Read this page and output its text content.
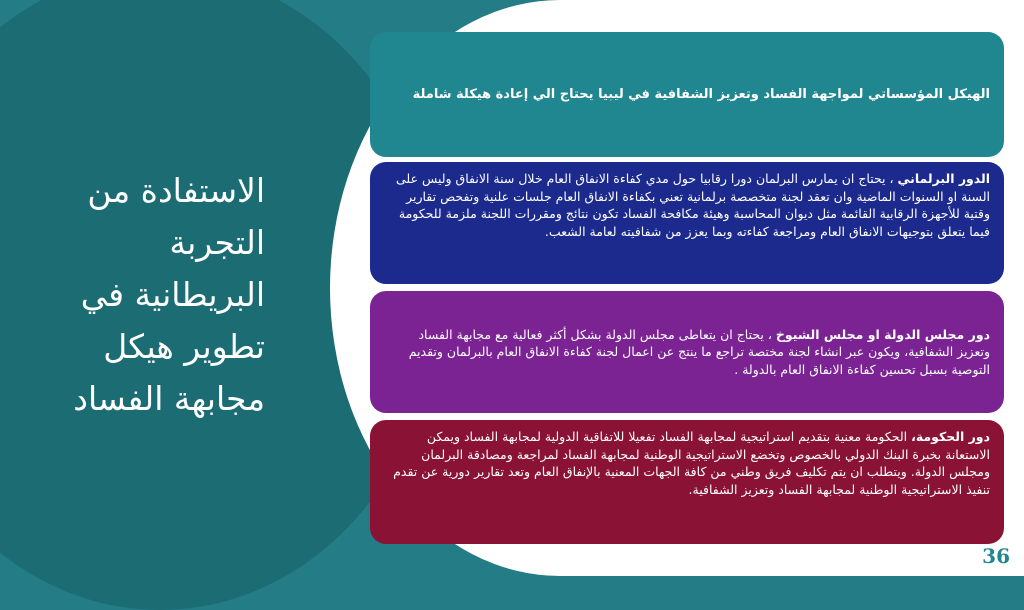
الاستفادة من التجربة البريطانية في تطوير هيكل مجابهة الفساد
الهيكل المؤسساتي لمواجهة الفساد وتعزيز الشفافية في ليبيا يحتاج الي إعادة هيكلة شاملة
الدور البرلماني ، يحتاج ان يمارس البرلمان دورا رقابيا حول مدي كفاءة الانفاق العام خلال سنة الانفاق وليس على السنة او السنوات الماضية وان تعقد لجنة متخصصة برلمانية تعني بكفاءة الانفاق العام جلسات علنية وتفحص تقارير وقتية للأجهزة الرقابية القائمة مثل ديوان المحاسبة وهيئة مكافحة الفساد تكون نتائج ومقررات اللجنة ملزمة للحكومة فيما يتعلق بتوجيهات الانفاق العام ومراجعة كفاءته وبما يعزز من شفافيته لعامة الشعب.
دور مجلس الدولة او مجلس الشيوخ ، يحتاج ان يتعاطى مجلس الدولة بشكل أكثر فعالية مع مجابهة الفساد وتعزيز الشفافية، ويكون عبر انشاء لجنة مختصة تراجع ما ينتج عن اعمال لجنة كفاءة الانفاق العام بالبرلمان وتقديم التوصية بسبل تحسين كفاءة الانفاق العام بالدولة .
دور الحكومة، الحكومة معنية بتقديم استراتيجية لمجابهة الفساد تفعيلا للاتفاقية الدولية لمجابهة الفساد ويمكن الاستعانة بخبرة البنك الدولي بالخصوص وتخضع الاستراتيجية الوطنية لمجابهة الفساد لمراجعة ومصادقة البرلمان ومجلس الدولة. ويتطلب ان يتم تكليف فريق وطني من كافة الجهات المعنية بالإنفاق العام وتعد تقارير دورية عن تقدم تنفيذ الاستراتيجية الوطنية لمجابهة الفساد وتعزيز الشفافية.
36
